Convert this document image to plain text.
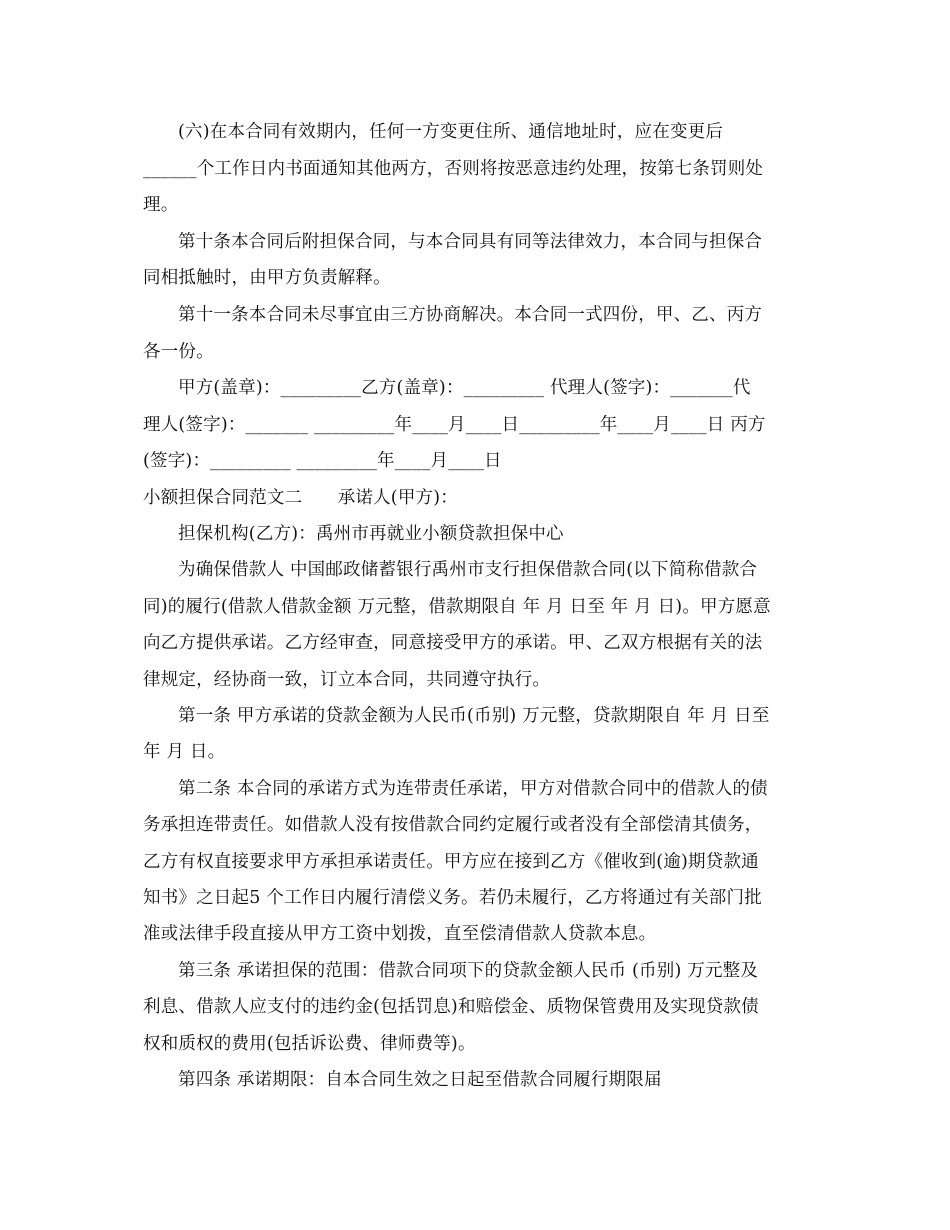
(六)在本合同有效期内，任何一方变更住所、通信地址时，应在变更后
______个工作日内书面通知其他两方，否则将按恶意违约处理，按第七条罚则处
理。
第十条本合同后附担保合同，与本合同具有同等法律效力，本合同与担保合
同相抵触时，由甲方负责解释。
第十一条本合同未尽事宜由三方协商解决。本合同一式四份，甲、乙、丙方
各一份。
甲方(盖章)：_________乙方(盖章)：_________ 代理人(签字)：_______代
理人(签字)：_______ _________年____月____日_________年____月____日 丙方
(签字)：_________ _________年____月____日
小额担保合同范文二　　承诺人(甲方)：
担保机构(乙方)：禹州市再就业小额贷款担保中心
为确保借款人 中国邮政储蓄银行禹州市支行担保借款合同(以下简称借款合
同)的履行(借款人借款金额 万元整，借款期限自 年 月 日至 年 月 日)。甲方愿意
向乙方提供承诺。乙方经审查，同意接受甲方的承诺。甲、乙双方根据有关的法
律规定，经协商一致，订立本合同，共同遵守执行。
第一条 甲方承诺的贷款金额为人民币(币别) 万元整，贷款期限自 年 月 日至
年 月 日。
第二条 本合同的承诺方式为连带责任承诺，甲方对借款合同中的借款人的债
务承担连带责任。如借款人没有按借款合同约定履行或者没有全部偿清其债务，
乙方有权直接要求甲方承担承诺责任。甲方应在接到乙方《催收到(逾)期贷款通
知书》之日起5 个工作日内履行清偿义务。若仍未履行，乙方将通过有关部门批
准或法律手段直接从甲方工资中划拨，直至偿清借款人贷款本息。
第三条 承诺担保的范围：借款合同项下的贷款金额人民币 (币别) 万元整及
利息、借款人应支付的违约金(包括罚息)和赔偿金、质物保管费用及实现贷款债
权和质权的费用(包括诉讼费、律师费等)。
第四条 承诺期限：自本合同生效之日起至借款合同履行期限届
